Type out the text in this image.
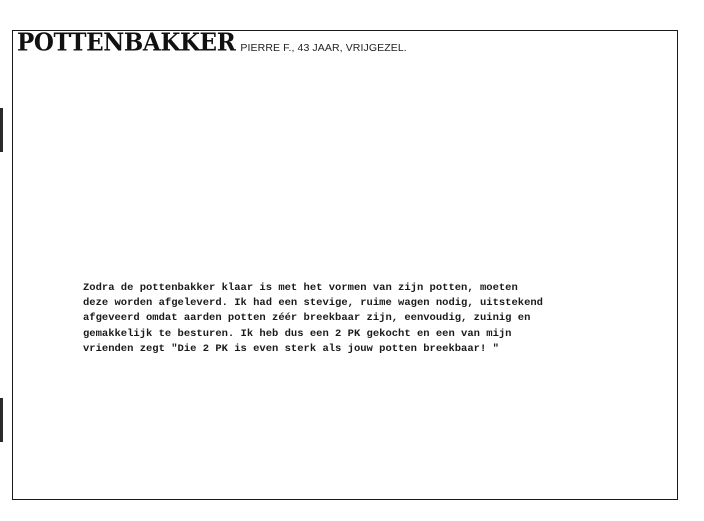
POTTENBAKKER PIERRE F., 43 JAAR, VRIJGEZEL.

Zodra de pottenbakker klaar is met het vormen van zijn potten, moeten
deze worden afgeleverd. Ik had een stevige, ruime wagen nodig, uitstekend
afgeveerd omdat aarden potten zéér breekbaar zijn, eenvoudig, zuinig en
gemakkelijk te besturen. Ik heb dus een 2 PK gekocht en een van mijn
vrienden zegt "Die 2 PK is even sterk als jouw potten breekbaar! "
